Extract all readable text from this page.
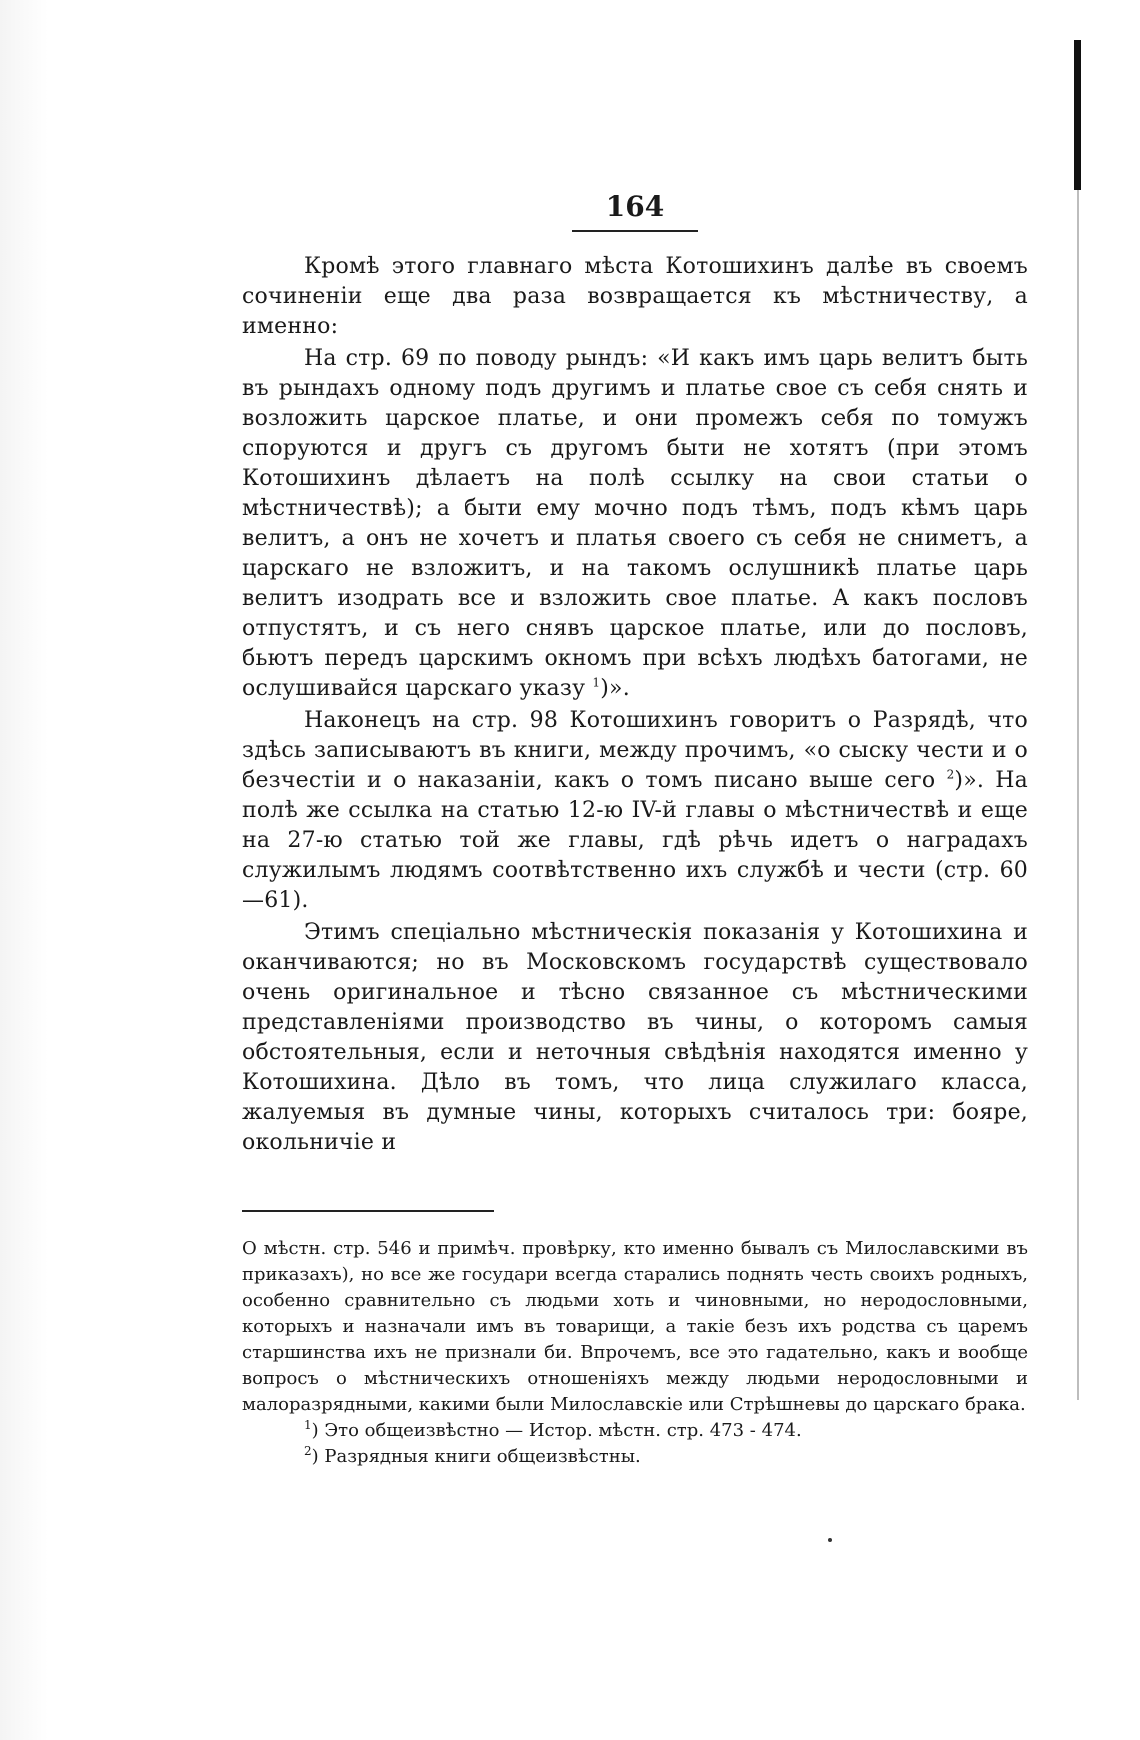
164

Кромѣ этого главнаго мѣста Котошихинъ далѣе въ своемъ сочиненіи еще два раза возвращается къ мѣстничеству, а именно:

На стр. 69 по поводу рындъ: «И какъ имъ царь велитъ быть въ рындахъ одному подъ другимъ и платье свое съ себя снять и возложить царское платье, и они промежъ себя по томужъ споруются и другъ съ другомъ быти не хотятъ (при этомъ Котошихинъ дѣлаетъ на полѣ ссылку на свои статьи о мѣстничествѣ); а быти ему мочно подъ тѣмъ, подъ кѣмъ царь велитъ, а онъ не хочетъ и платья своего съ себя не сниметъ, а царскаго не взложитъ, и на такомъ ослушникѣ платье царь велитъ изодрать все и взложить свое платье. А какъ пословъ отпустятъ, и съ него снявъ царское платье, или до пословъ, бьютъ передъ царскимъ окномъ при всѣхъ людѣхъ батогами, не ослушивайся царскаго указу $^1$)».

Наконецъ на стр. 98 Котошихинъ говоритъ о Разрядѣ, что здѣсь записываютъ въ книги, между прочимъ, «о сыску чести и о безчестіи и о наказаніи, какъ о томъ писано выше сего $^2$)». На полѣ же ссылка на статью 12-ю IV-й главы о мѣстничествѣ и еще на 27-ю статью той же главы, гдѣ рѣчь идетъ о наградахъ служилымъ людямъ соотвѣтственно ихъ службѣ и чести (стр. 60—61).

Этимъ спеціально мѣстническія показанія у Котошихина и оканчиваются; но въ Московскомъ государствѣ существовало очень оригинальное и тѣсно связанное съ мѣстническими представленіями производство въ чины, о которомъ самыя обстоятельныя, если и неточныя свѣдѣнія находятся именно у Котошихина. Дѣло въ томъ, что лица служилаго класса, жалуемыя въ думные чины, которыхъ считалось три: бояре, окольничіе и

О мѣстн. стр. 546 и примѣч. провѣрку, кто именно бывалъ съ Милославскими въ приказахъ), но все же государи всегда старались поднять честь своихъ родныхъ, особенно сравнительно съ людьми хоть и чиновными, но неродословными, которыхъ и назначали имъ въ товарищи, а такіе безъ ихъ родства съ царемъ старшинства ихъ не признали би. Впрочемъ, все это гадательно, какъ и вообще вопросъ о мѣстническихъ отношеніяхъ между людьми неродословными и малоразрядными, какими были Милославскіе или Стрѣшневы до царскаго брака.

$^1$) Это общеизвѣстно — Истор. мѣстн. стр. 473 - 474.

$^2$) Разрядныя книги общеизвѣстны.
